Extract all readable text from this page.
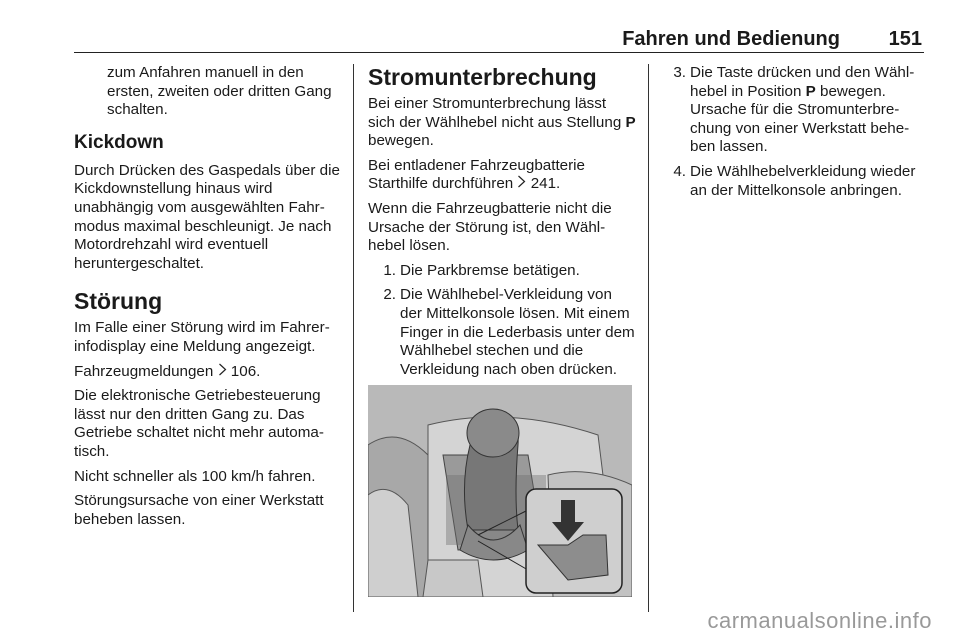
Fahren und Bedienung 151

zum Anfahren manuell in den ersten, zweiten oder dritten Gang schalten.

Kickdown

Durch Drücken des Gaspedals über die Kickdownstellung hinaus wird unabhängig vom ausgewählten Fahrmodus maximal beschleunigt. Je nach Motordrehzahl wird eventuell heruntergeschaltet.

Störung

Im Falle einer Störung wird im Fahrerinfodisplay eine Meldung angezeigt.

Fahrzeugmeldungen 106.

Die elektronische Getriebesteuerung lässt nur den dritten Gang zu. Das Getriebe schaltet nicht mehr automatisch.

Nicht schneller als 100 km/h fahren.

Störungsursache von einer Werkstatt beheben lassen.

Stromunterbrechung

Bei einer Stromunterbrechung lässt sich der Wählhebel nicht aus Stellung P bewegen.

Bei entladener Fahrzeugbatterie Starthilfe durchführen 241.

Wenn die Fahrzeugbatterie nicht die Ursache der Störung ist, den Wählhebel lösen.

1. Die Parkbremse betätigen.
2. Die Wählhebel-Verkleidung von der Mittelkonsole lösen. Mit einem Finger in die Lederbasis unter dem Wählhebel stechen und die Verkleidung nach oben drücken.
3. Die Taste drücken und den Wählhebel in Position P bewegen. Ursache für die Stromunterbrechung von einer Werkstatt beheben lassen.
4. Die Wählhebelverkleidung wieder an der Mittelkonsole anbringen.
carmanualsonline.info
